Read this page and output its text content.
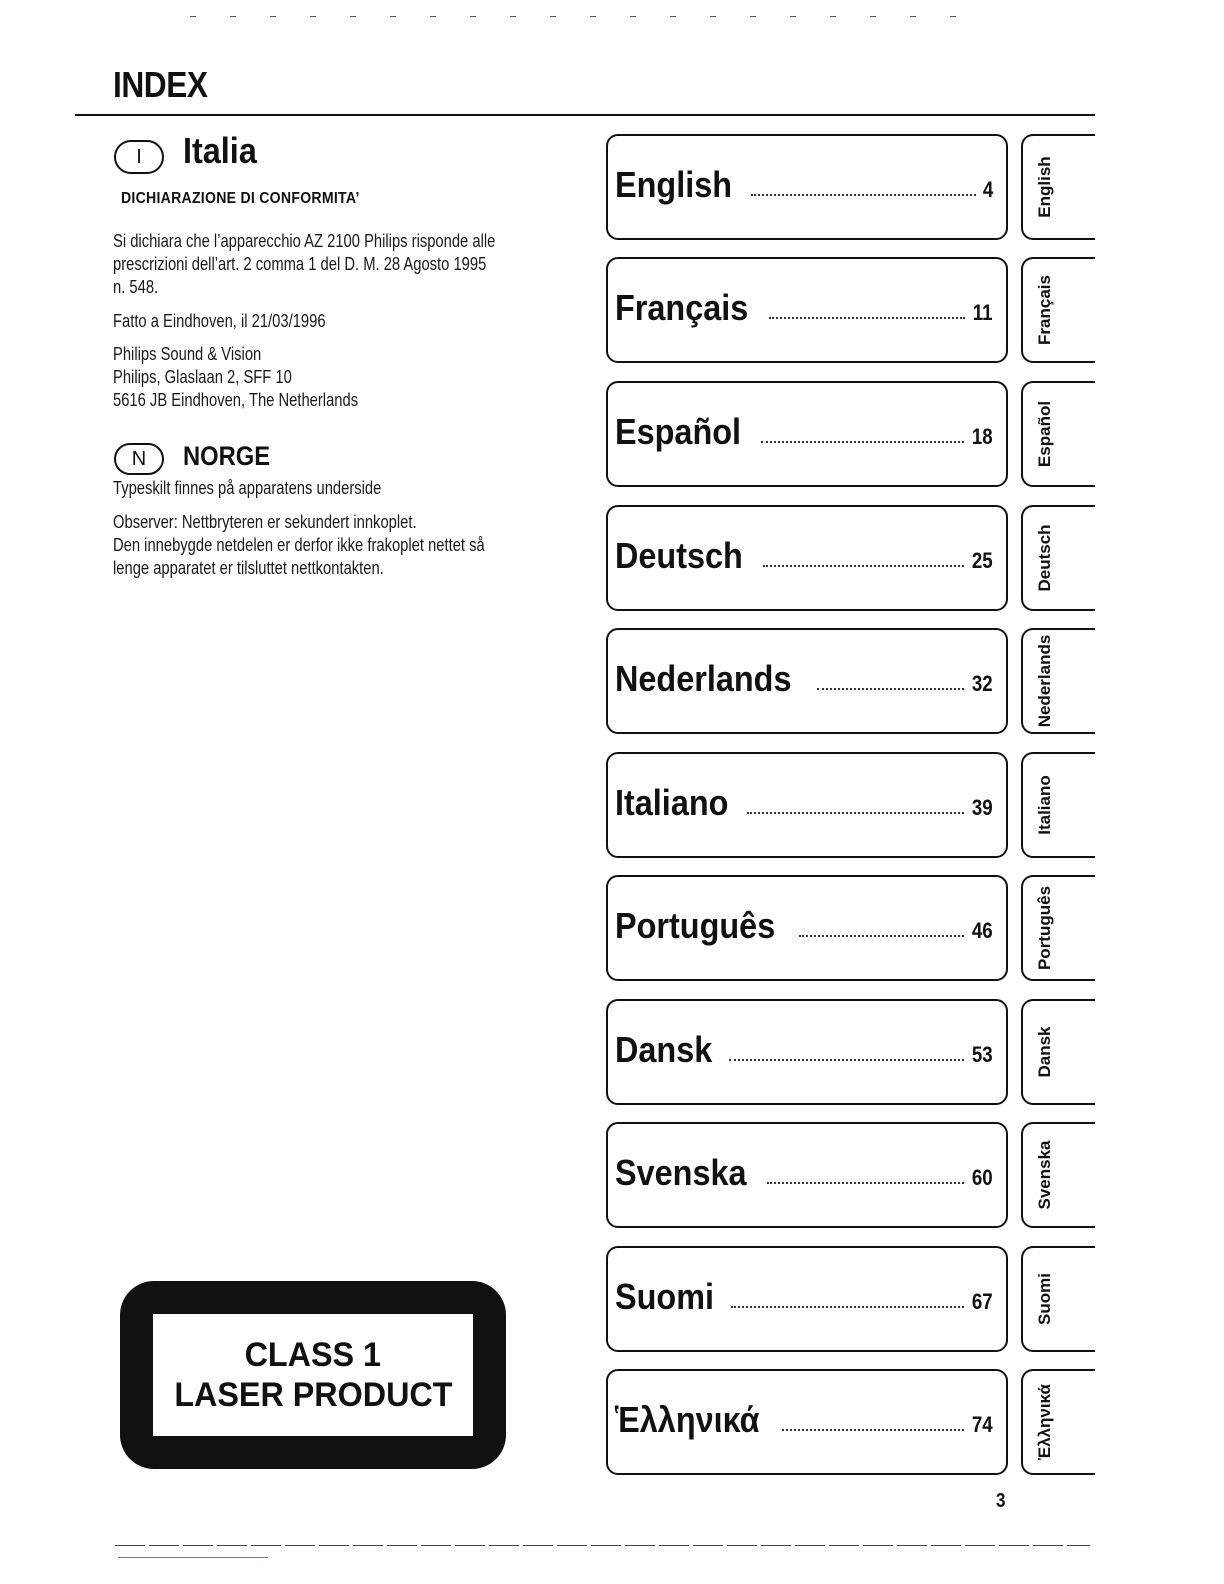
INDEX
I	Italia
DICHIARAZIONE DI CONFORMITA’
Si dichiara che l’apparecchio AZ 2100 Philips risponde alle
prescrizioni dell’art. 2 comma 1 del D. M. 28 Agosto 1995
n. 548.
Fatto a Eindhoven, il 21/03/1996
Philips Sound & Vision
Philips, Glaslaan 2, SFF 10
5616 JB Eindhoven, The Netherlands
N	NORGE
Typeskilt finnes på apparatens underside
Observer: Nettbryteren er sekundert innkoplet.
Den innebygde netdelen er derfor ikke frakoplet nettet så
lenge apparatet er tilsluttet nettkontakten.
CLASS 1
LASER PRODUCT
English	4
Français	11
Español	18
Deutsch	25
Nederlands	32
Italiano	39
Português	46
Dansk	53
Svenska	60
Suomi	67
Ἑλληνικά	74
English
Français
Español
Deutsch
Nederlands
Italiano
Português
Dansk
Svenska
Suomi
Ἑλληνικά
3
